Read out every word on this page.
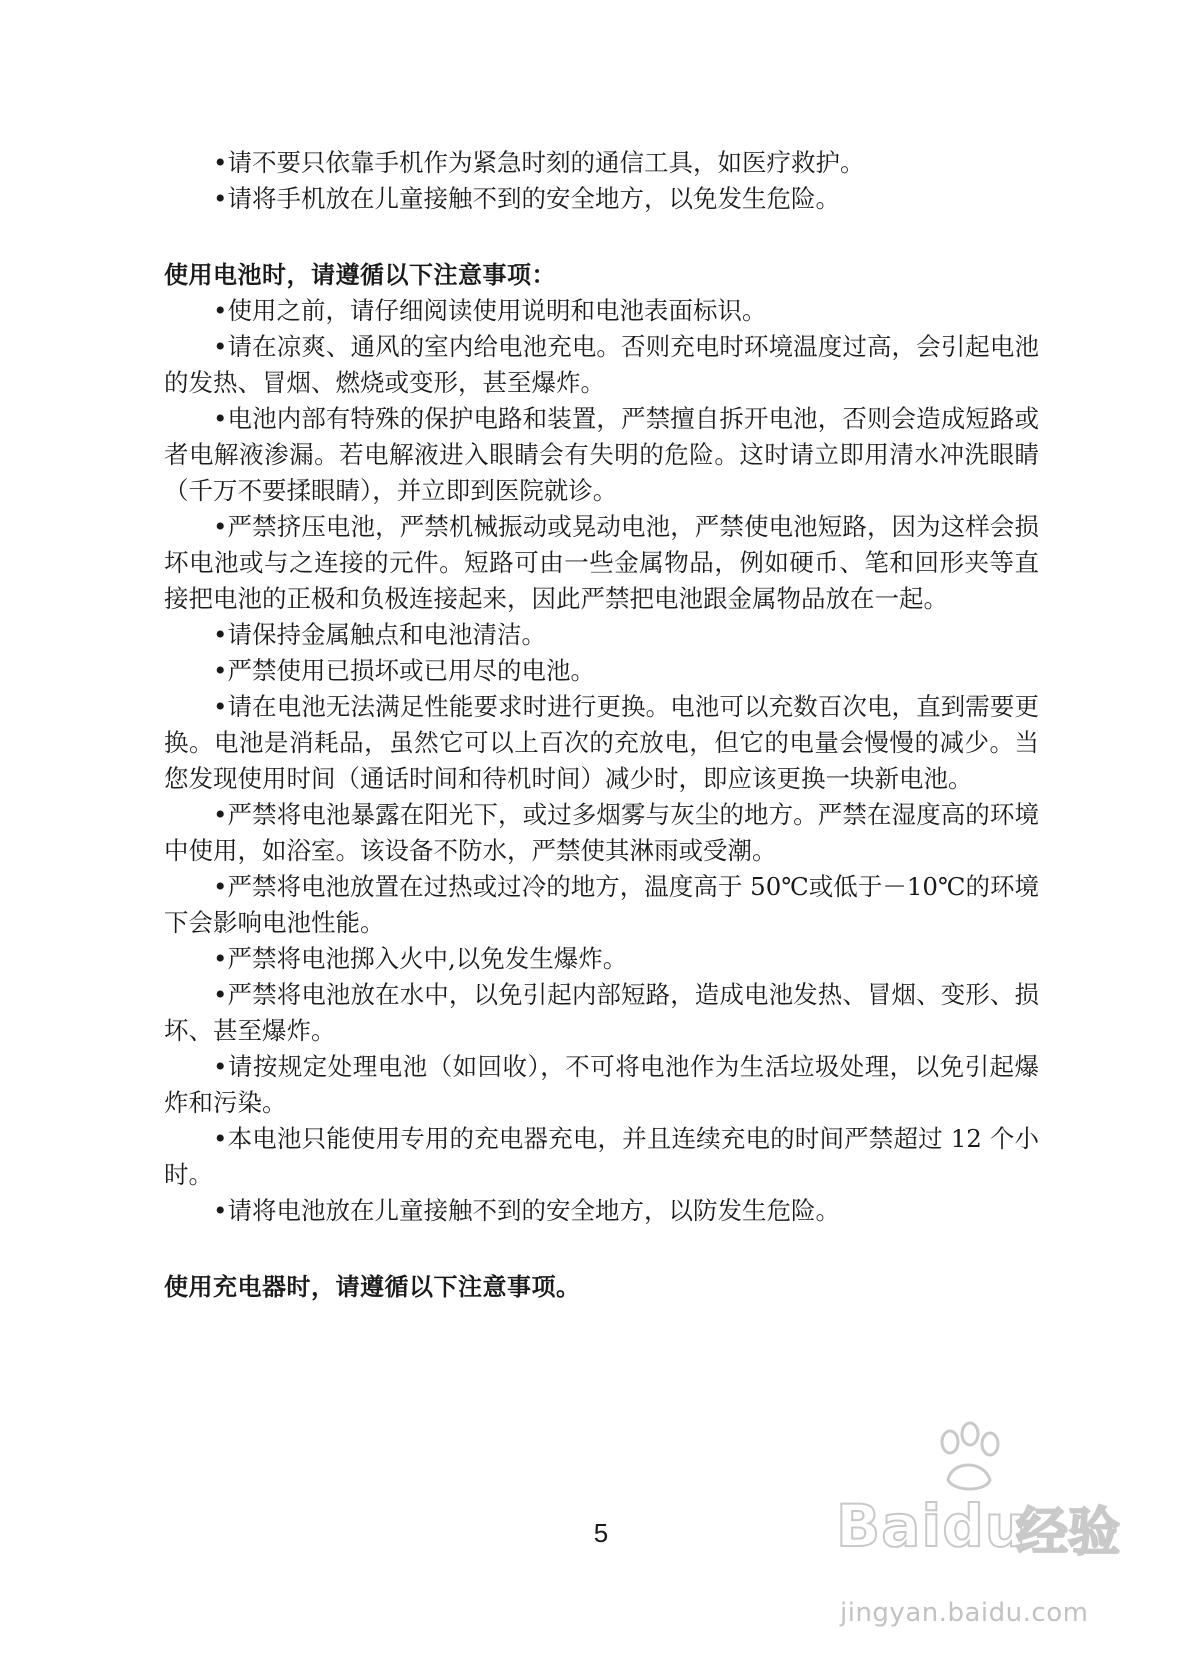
•请不要只依靠手机作为紧急时刻的通信工具，如医疗救护。

•请将手机放在儿童接触不到的安全地方，以免发生危险。

使用电池时，请遵循以下注意事项：

•使用之前，请仔细阅读使用说明和电池表面标识。

•请在凉爽、通风的室内给电池充电。否则充电时环境温度过高，会引起电池的发热、冒烟、燃烧或变形，甚至爆炸。

•电池内部有特殊的保护电路和装置，严禁擅自拆开电池，否则会造成短路或者电解液渗漏。若电解液进入眼睛会有失明的危险。这时请立即用清水冲洗眼睛（千万不要揉眼睛），并立即到医院就诊。

•严禁挤压电池，严禁机械振动或晃动电池，严禁使电池短路，因为这样会损坏电池或与之连接的元件。短路可由一些金属物品，例如硬币、笔和回形夹等直接把电池的正极和负极连接起来，因此严禁把电池跟金属物品放在一起。

•请保持金属触点和电池清洁。

•严禁使用已损坏或已用尽的电池。

•请在电池无法满足性能要求时进行更换。电池可以充数百次电，直到需要更换。电池是消耗品，虽然它可以上百次的充放电，但它的电量会慢慢的减少。当您发现使用时间（通话时间和待机时间）减少时，即应该更换一块新电池。

•严禁将电池暴露在阳光下，或过多烟雾与灰尘的地方。严禁在湿度高的环境中使用，如浴室。该设备不防水，严禁使其淋雨或受潮。

•严禁将电池放置在过热或过冷的地方，温度高于 50℃或低于－10℃的环境下会影响电池性能。

•严禁将电池掷入火中,以免发生爆炸。

•严禁将电池放在水中，以免引起内部短路，造成电池发热、冒烟、变形、损坏、甚至爆炸。

•请按规定处理电池（如回收），不可将电池作为生活垃圾处理，以免引起爆炸和污染。

•本电池只能使用专用的充电器充电，并且连续充电的时间严禁超过 12 个小时。

•请将电池放在儿童接触不到的安全地方，以防发生危险。

使用充电器时，请遵循以下注意事项。

5	Baidu
经验
jingyan.baidu.com
